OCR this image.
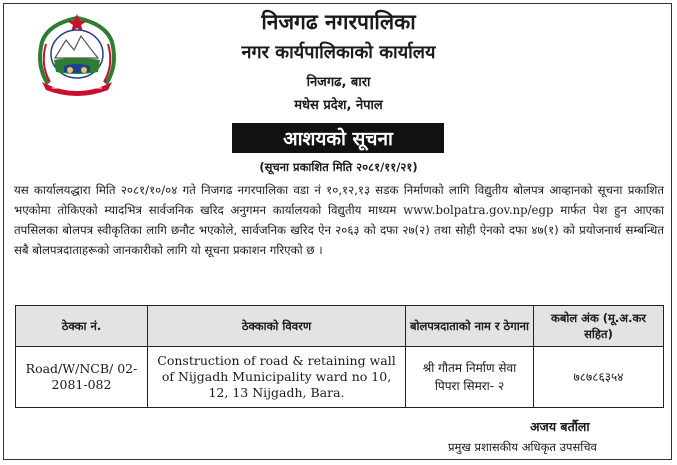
निजगढ नगरपालिका
नगर कार्यपालिकाको कार्यालय
निजगढ, बारा
मधेस प्रदेश, नेपाल
आशयको सूचना
(सूचना प्रकाशित मिति २०८१/११/२१)
यस कार्यालयद्धारा मिति २०८१/१०/०४ गते निजगढ नगरपालिका वडा नं १०,१२,१३ सडक निर्माणको लागि विद्युतीय बोलपत्र आव्हानको सूचना प्रकाशित भएकोमा तोकिएको म्यादभित्र सार्वजनिक खरिद अनुगमन कार्यालयको विद्युतीय माध्यम www.bolpatra.gov.np/egp मार्फत पेश हुन आएका तपसिलका बोलपत्र स्वीकृतिका लागि छनौट भएकोले, सार्वजनिक खरिद ऐन २०६३ को दफा २७(२) तथा सोही ऐनको दफा ४७(१) को प्रयोजनार्थ सम्बन्धित सबै बोलपत्रदाताहरूको जानकारीको लागि यो सूचना प्रकाशन गरिएको छ ।
ठेक्का नं.	ठेक्काको विवरण	बोलपत्रदाताको नाम र ठेगाना	कबोल अंक (मू.अ.कर सहित)
Road/W/NCB/ 02-2081-082	Construction of road & retaining wall of Nijgadh Municipality ward no 10, 12, 13 Nijgadh, Bara.	श्री गौतम निर्माण सेवा पिपरा सिमरा- २	७८७८६३५४
अजय बर्तौला
प्रमुख प्रशासकीय अधिकृत उपसचिव
